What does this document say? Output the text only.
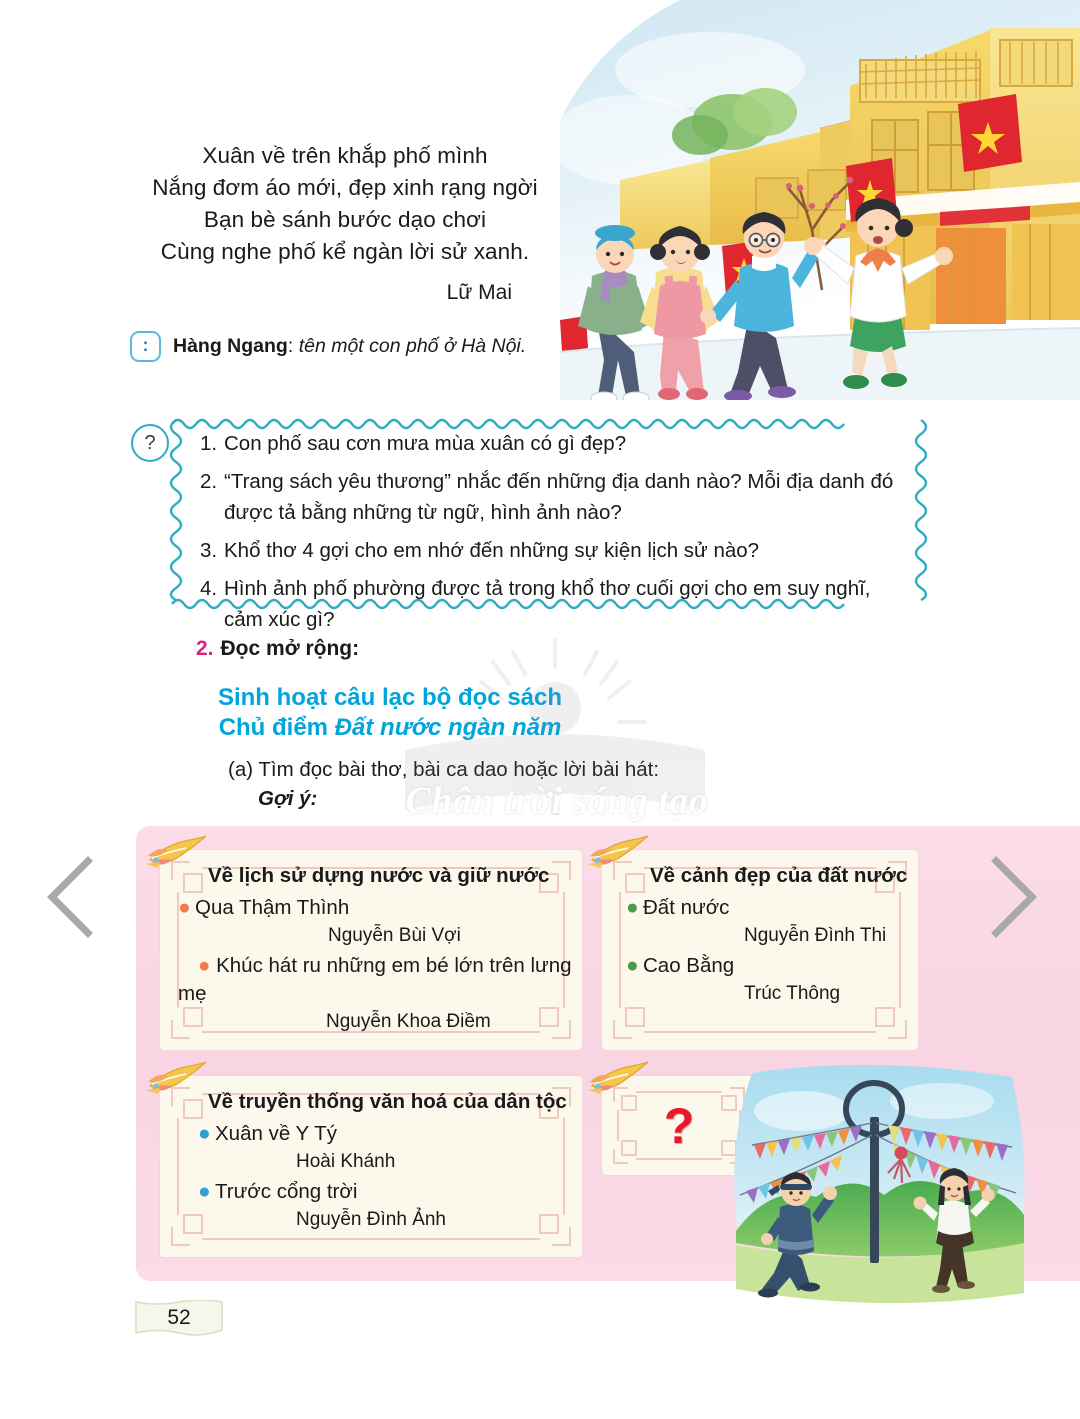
Xuân về trên khắp phố mình
Nắng đơm áo mới, đẹp xinh rạng ngời
Bạn bè sánh bước dạo chơi
Cùng nghe phố kể ngàn lời sử xanh.
Lữ Mai
:	Hàng Ngang: tên một con phố ở Hà Nội.
?	1. Con phố sau cơn mưa mùa xuân có gì đẹp?
2. “Trang sách yêu thương” nhắc đến những địa danh nào? Mỗi địa danh đó được tả bằng những từ ngữ, hình ảnh nào?
3. Khổ thơ 4 gợi cho em nhớ đến những sự kiện lịch sử nào?
4. Hình ảnh phố phường được tả trong khổ thơ cuối gợi cho em suy nghĩ, cảm xúc gì?
2. Đọc mở rộng:
Chân trời sáng tạo
Sinh hoạt câu lạc bộ đọc sách
Chủ điểm Đất nước ngàn năm
(a) Tìm đọc bài thơ, bài ca dao hoặc lời bài hát:
Gợi ý:
Về lịch sử dựng nước và giữ nước
● Qua Thậm Thình
Nguyễn Bùi Vợi
● Khúc hát ru những em bé lớn trên lưng mẹ
Nguyễn Khoa Điềm
Về cảnh đẹp của đất nước
● Đất nước
Nguyễn Đình Thi
● Cao Bằng
Trúc Thông
Về truyền thống văn hoá của dân tộc
● Xuân về Y Tý
Hoài Khánh
● Trước cổng trời
Nguyễn Đình Ảnh
?
52
